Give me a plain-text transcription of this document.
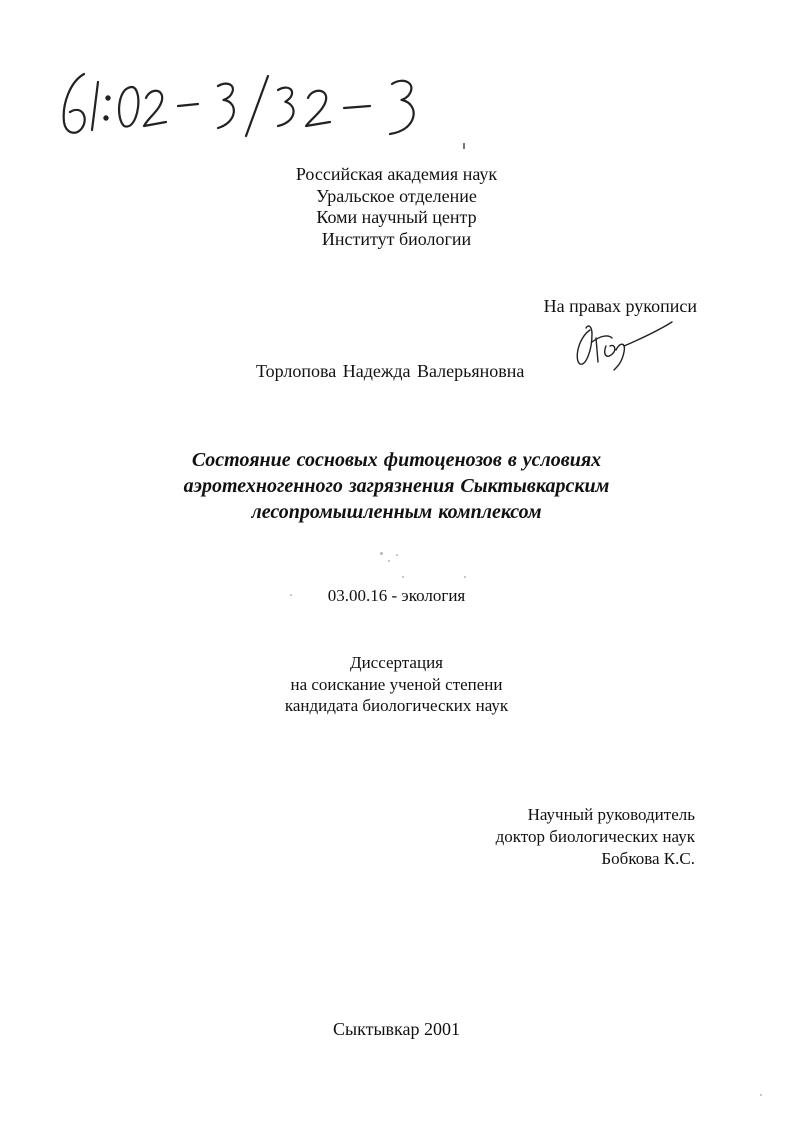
Российская академия наук
Уральское отделение
Коми научный центр
Институт биологии
На правах рукописи
Торлопова Надежда Валерьяновна
Состояние сосновых фитоценозов в условиях
аэротехногенного загрязнения Сыктывкарским
лесопромышленным комплексом
03.00.16 - экология
Диссертация
на соискание ученой степени
кандидата биологических наук
Научный руководитель
доктор биологических наук
Бобкова К.С.
Сыктывкар 2001
